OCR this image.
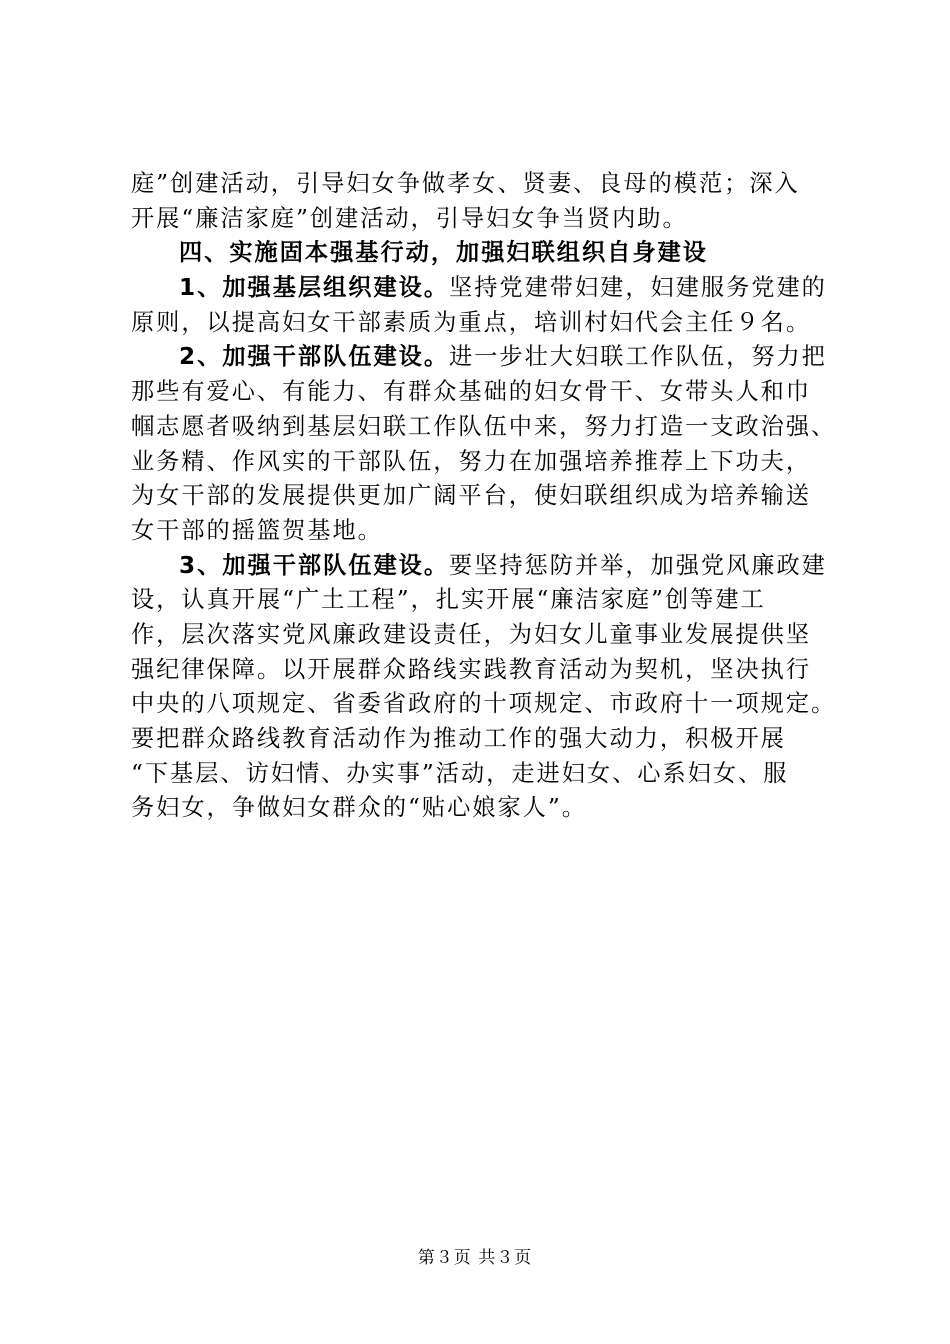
庭”创建活动，引导妇女争做孝女、贤妻、良母的模范；深入
开展“廉洁家庭”创建活动，引导妇女争当贤内助。
四、实施固本强基行动，加强妇联组织自身建设
1、加强基层组织建设。坚持党建带妇建，妇建服务党建的
原则，以提高妇女干部素质为重点，培训村妇代会主任９名。
2、加强干部队伍建设。进一步壮大妇联工作队伍，努力把
那些有爱心、有能力、有群众基础的妇女骨干、女带头人和巾
帼志愿者吸纳到基层妇联工作队伍中来，努力打造一支政治强、
业务精、作风实的干部队伍，努力在加强培养推荐上下功夫，
为女干部的发展提供更加广阔平台，使妇联组织成为培养输送
女干部的摇篮贺基地。
3、加强干部队伍建设。要坚持惩防并举，加强党风廉政建
设，认真开展“广土工程”，扎实开展“廉洁家庭”创等建工
作，层次落实党风廉政建设责任，为妇女儿童事业发展提供坚
强纪律保障。以开展群众路线实践教育活动为契机，坚决执行
中央的八项规定、省委省政府的十项规定、市政府十一项规定。
要把群众路线教育活动作为推动工作的强大动力，积极开展
“下基层、访妇情、办实事”活动，走进妇女、心系妇女、服
务妇女，争做妇女群众的“贴心娘家人”。
第３页 共３页
